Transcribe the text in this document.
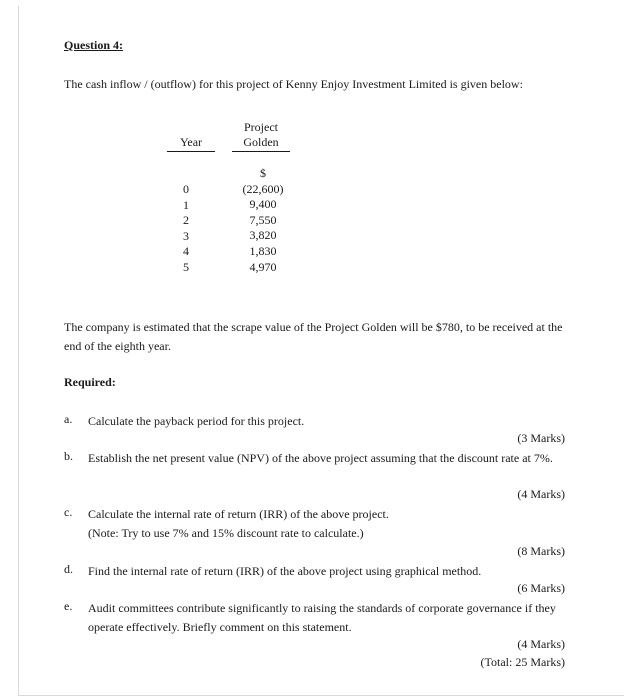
Question 4:
The cash inflow / (outflow) for this project of Kenny Enjoy Investment Limited is given below:
Year
Project
Golden
0
1
2
3
4
5
$
(22,600)
9,400
7,550
3,820
1,830
4,970
The company is estimated that the scrape value of the Project Golden will be $780, to be received at the end of the eighth year.
Required:
a. Calculate the payback period for this project.
(3 Marks)
b. Establish the net present value (NPV) of the above project assuming that the discount rate at 7%.
(4 Marks)
c. Calculate the internal rate of return (IRR) of the above project.
(Note: Try to use 7% and 15% discount rate to calculate.)
(8 Marks)
d. Find the internal rate of return (IRR) of the above project using graphical method.
(6 Marks)
e. Audit committees contribute significantly to raising the standards of corporate governance if they operate effectively. Briefly comment on this statement.
(4 Marks)
(Total: 25 Marks)
